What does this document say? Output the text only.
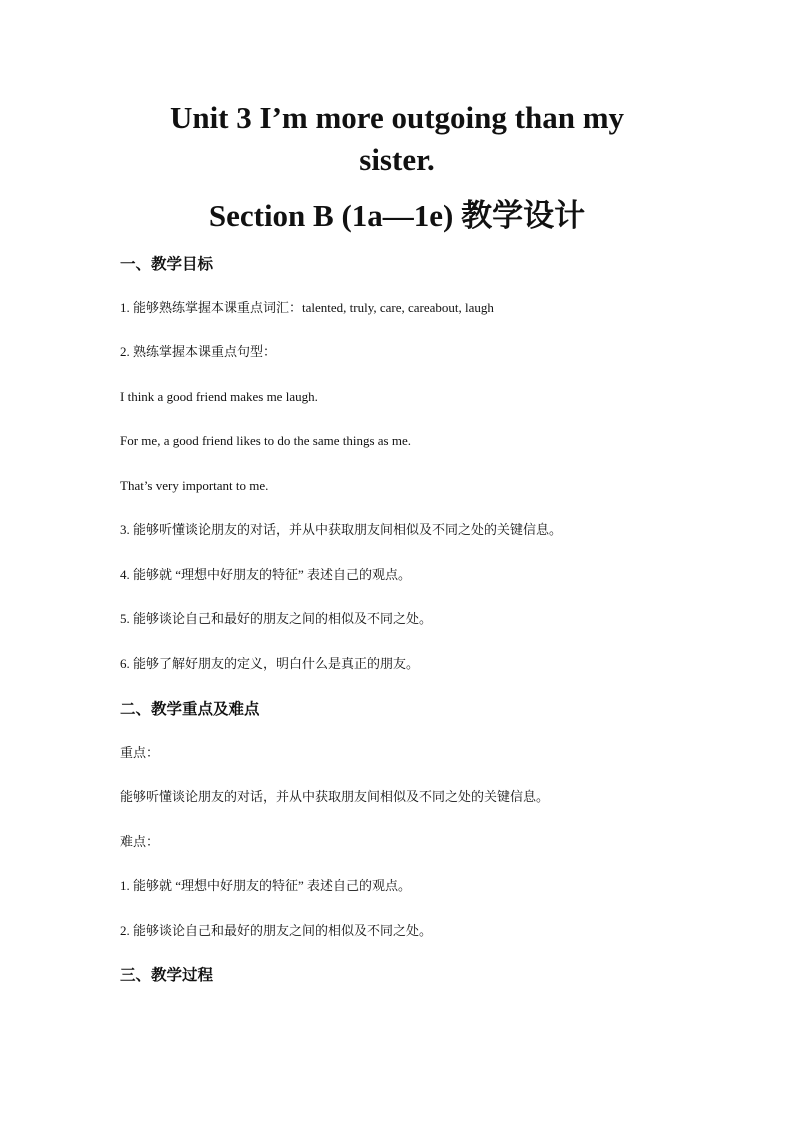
Unit 3 I’m more outgoing than my
sister.
Section B (1a—1e) 教学设计
一、教学目标

1. 能够熟练掌握本课重点词汇：talented, truly, care, careabout, laugh

2. 熟练掌握本课重点句型：

I think a good friend makes me laugh.

For me, a good friend likes to do the same things as me.

That’s very important to me.

3. 能够听懂谈论朋友的对话，并从中获取朋友间相似及不同之处的关键信息。

4. 能够就 “理想中好朋友的特征” 表述自己的观点。

5. 能够谈论自己和最好的朋友之间的相似及不同之处。

6. 能够了解好朋友的定义，明白什么是真正的朋友。

二、教学重点及难点

重点：

能够听懂谈论朋友的对话，并从中获取朋友间相似及不同之处的关键信息。

难点：

1. 能够就 “理想中好朋友的特征” 表述自己的观点。

2. 能够谈论自己和最好的朋友之间的相似及不同之处。

三、教学过程
